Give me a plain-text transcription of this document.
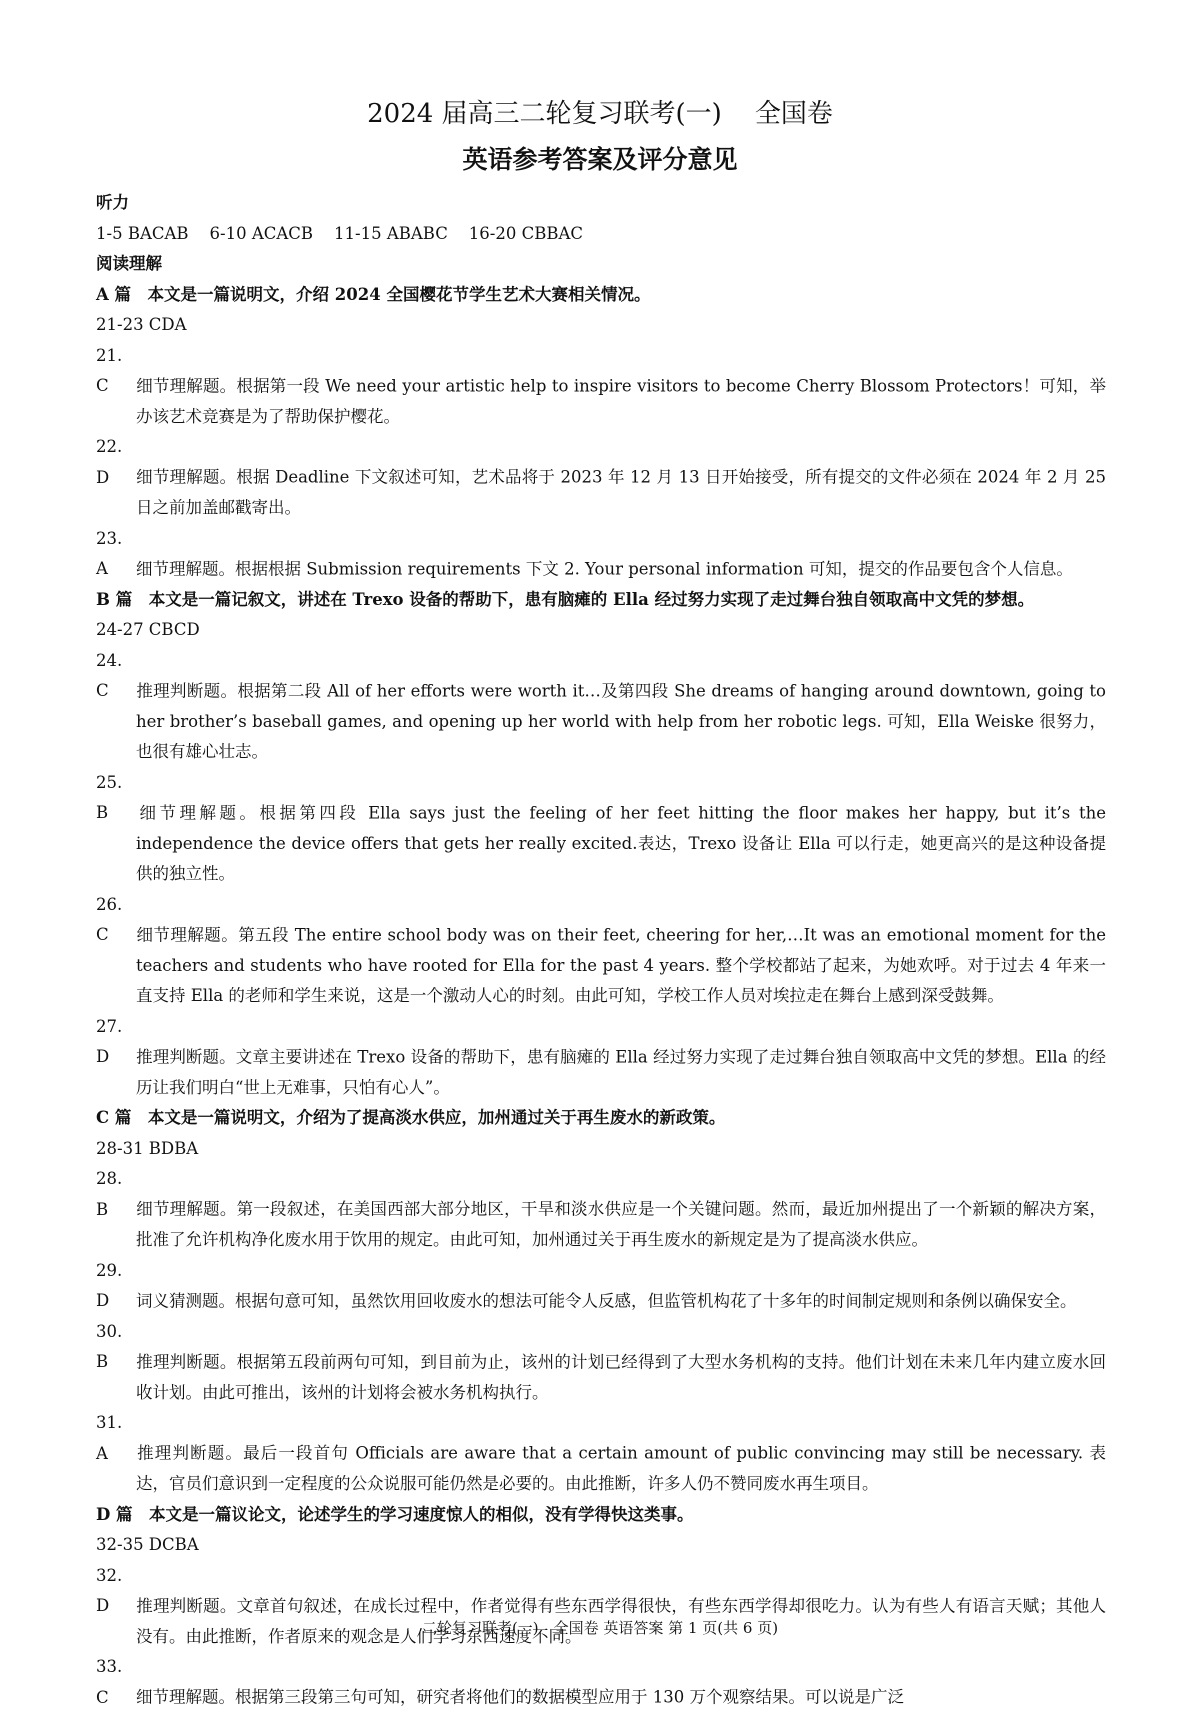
2024 届高三二轮复习联考(一)    全国卷
英语参考答案及评分意见
听力
1-5 BACAB    6-10 ACACB    11-15 ABABC    16-20 CBBAC
阅读理解
A 篇　本文是一篇说明文，介绍 2024 全国樱花节学生艺术大赛相关情况。
21-23 CDA
21. C 细节理解题。根据第一段 We need your artistic help to inspire visitors to become Cherry Blossom Protectors！可知，举办该艺术竞赛是为了帮助保护樱花。
22. D 细节理解题。根据 Deadline 下文叙述可知，艺术品将于 2023 年 12 月 13 日开始接受，所有提交的文件必须在 2024 年 2 月 25 日之前加盖邮戳寄出。
23. A 细节理解题。根据根据 Submission requirements 下文 2. Your personal information 可知，提交的作品要包含个人信息。
B 篇　本文是一篇记叙文，讲述在 Trexo 设备的帮助下，患有脑瘫的 Ella 经过努力实现了走过舞台独自领取高中文凭的梦想。
24-27 CBCD
24. C 推理判断题。根据第二段 All of her efforts were worth it…及第四段 She dreams of hanging around downtown, going to her brother’s baseball games, and opening up her world with help from her robotic legs. 可知，Ella Weiske 很努力，也很有雄心壮志。
25. B 细节理解题。根据第四段 Ella says just the feeling of her feet hitting the floor makes her happy, but it’s the independence the device offers that gets her really excited.表达，Trexo 设备让 Ella 可以行走，她更高兴的是这种设备提供的独立性。
26. C 细节理解题。第五段 The entire school body was on their feet, cheering for her,…It was an emotional moment for the teachers and students who have rooted for Ella for the past 4 years. 整个学校都站了起来，为她欢呼。对于过去 4 年来一直支持 Ella 的老师和学生来说，这是一个激动人心的时刻。由此可知，学校工作人员对埃拉走在舞台上感到深受鼓舞。
27. D 推理判断题。文章主要讲述在 Trexo 设备的帮助下，患有脑瘫的 Ella 经过努力实现了走过舞台独自领取高中文凭的梦想。Ella 的经历让我们明白“世上无难事，只怕有心人”。
C 篇　本文是一篇说明文，介绍为了提高淡水供应，加州通过关于再生废水的新政策。
28-31 BDBA
28. B 细节理解题。第一段叙述，在美国西部大部分地区，干旱和淡水供应是一个关键问题。然而，最近加州提出了一个新颖的解决方案，批准了允许机构净化废水用于饮用的规定。由此可知，加州通过关于再生废水的新规定是为了提高淡水供应。
29. D 词义猜测题。根据句意可知，虽然饮用回收废水的想法可能令人反感，但监管机构花了十多年的时间制定规则和条例以确保安全。
30. B 推理判断题。根据第五段前两句可知，到目前为止，该州的计划已经得到了大型水务机构的支持。他们计划在未来几年内建立废水回收计划。由此可推出，该州的计划将会被水务机构执行。
31. A 推理判断题。最后一段首句 Officials are aware that a certain amount of public convincing may still be necessary. 表达，官员们意识到一定程度的公众说服可能仍然是必要的。由此推断，许多人仍不赞同废水再生项目。
D 篇　本文是一篇议论文，论述学生的学习速度惊人的相似，没有学得快这类事。
32-35 DCBA
32. D 推理判断题。文章首句叙述，在成长过程中，作者觉得有些东西学得很快，有些东西学得却很吃力。认为有些人有语言天赋；其他人没有。由此推断，作者原来的观念是人们学习东西速度不同。
33. C 细节理解题。根据第三段第三句可知，研究者将他们的数据模型应用于 130 万个观察结果。可以说是广泛
二轮复习联考(一)　全国卷 英语答案 第 1 页(共 6 页)
